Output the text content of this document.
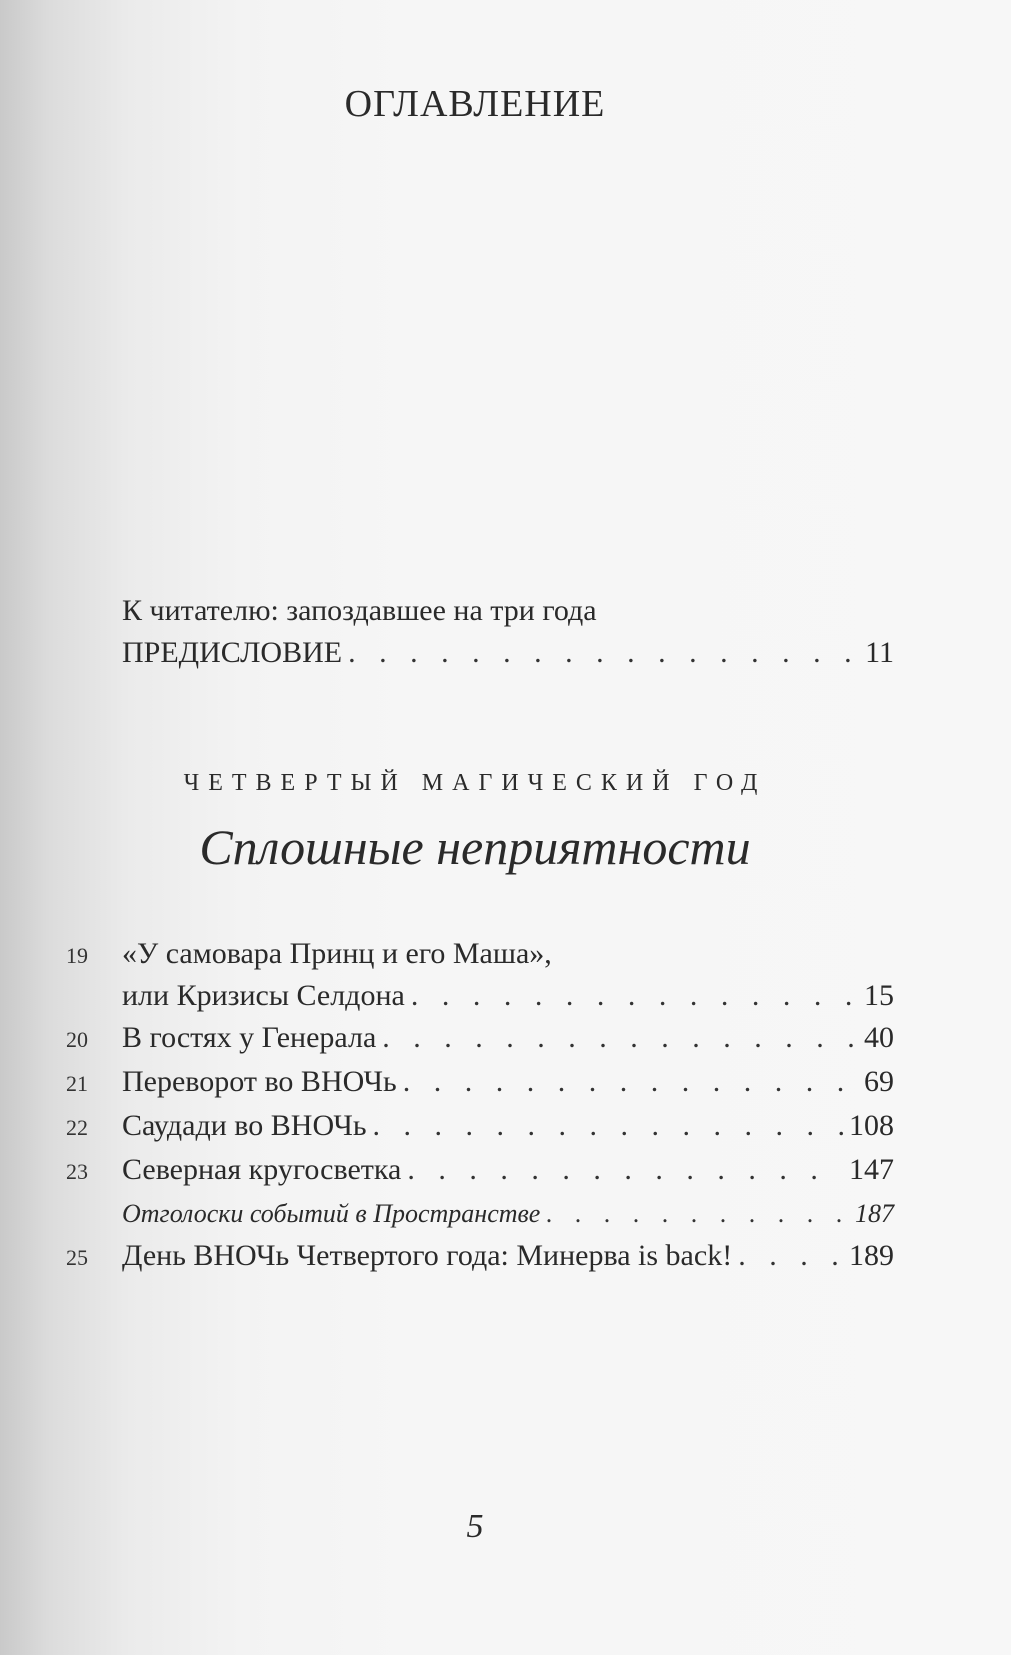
ОГЛАВЛЕНИЕ
К читателю: запоздавшее на три года
ПРЕДИСЛОВИЕ . . .	11
ЧЕТВЕРТЫЙ МАГИЧЕСКИЙ ГОД
Сплошные неприятности
19	«У самовара Принц и его Маша»,
или Кризисы Селдона . . .	15
20	В гостях у Генерала . . .	40
21	Переворот во ВНОЧь . . .	69
22	Саудади во ВНОЧь . . .	108
23	Северная кругосветка . . .	147
Отголоски событий в Пространстве . . .	187
25	День ВНОЧь Четвертого года: Минерва is back! . . .	189
5
